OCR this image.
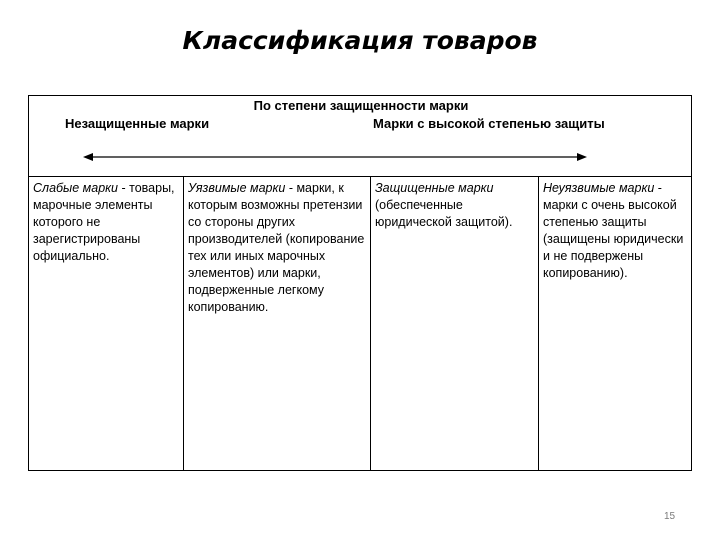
Классификация товаров
По степени защищенности марки
Незащищенные марки	Марки с высокой степенью защиты
Слабые марки - товары, марочные элементы которого не зарегистрированы официально.
Уязвимые марки - марки, к которым возможны претензии со стороны других производителей (копирование тех или иных марочных элементов) или марки, подверженные легкому копированию.
Защищенные марки (обеспеченные юридической защитой).
Неуязвимые марки - марки с очень высокой степенью защиты (защищены юридически и не подвержены копированию).
15
